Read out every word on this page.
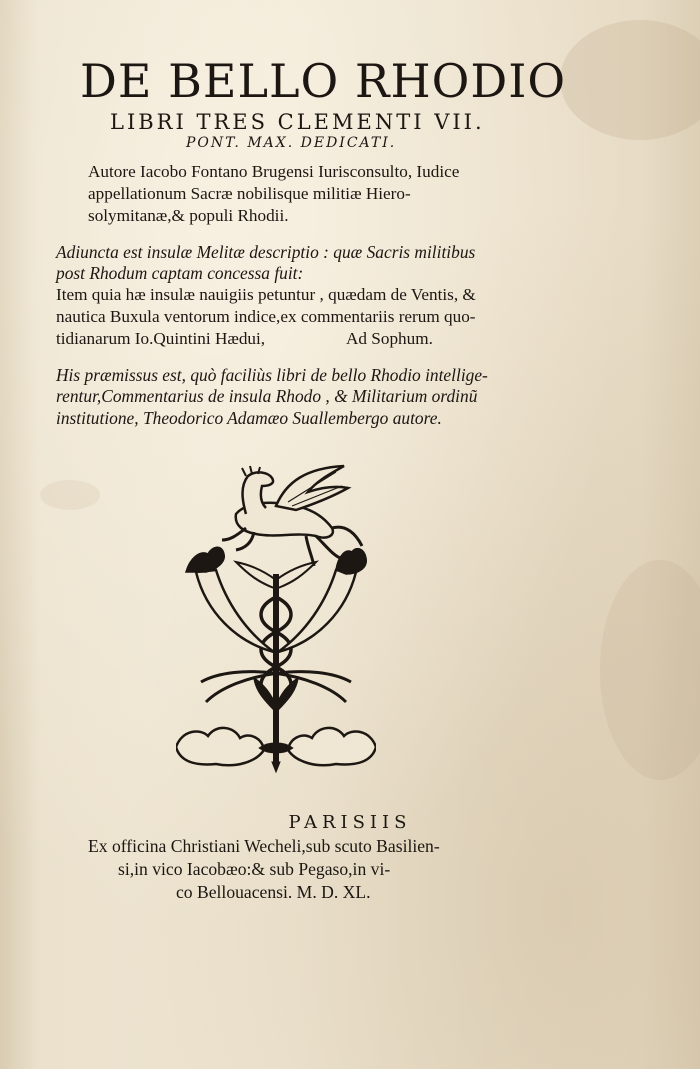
DE BELLO RHODIO
LIBRI TRES CLEMENTI VII.
PONT. MAX. DEDICATI.
Autore Iacobo Fontano Brugensi Iurisconsulto, Iudice
appellationum Sacræ nobilisque militiæ Hiero-
solymitanæ,& populi Rhodii.
Adiuncta est insulæ Melitæ descriptio : quæ Sacris militibus
post Rhodum captam concessa fuit:
Item quia hæ insulæ nauigiis petuntur , quædam de Ventis, &
nautica Buxula ventorum indice,ex commentariis rerum quo-
tidianarum Io.Quintini Hædui,	Ad Sophum.
His præmissus est, quò faciliùs libri de bello Rhodio intellige-
rentur,Commentarius de insula Rhodo , & Militarium ordinũ
institutione, Theodorico Adamæo Suallembergo autore.
PARISIIS
Ex officina Christiani Wecheli,sub scuto Basilien-
si,in vico Iacobæo:& sub Pegaso,in vi-
co Bellouacensi. M. D. XL.
